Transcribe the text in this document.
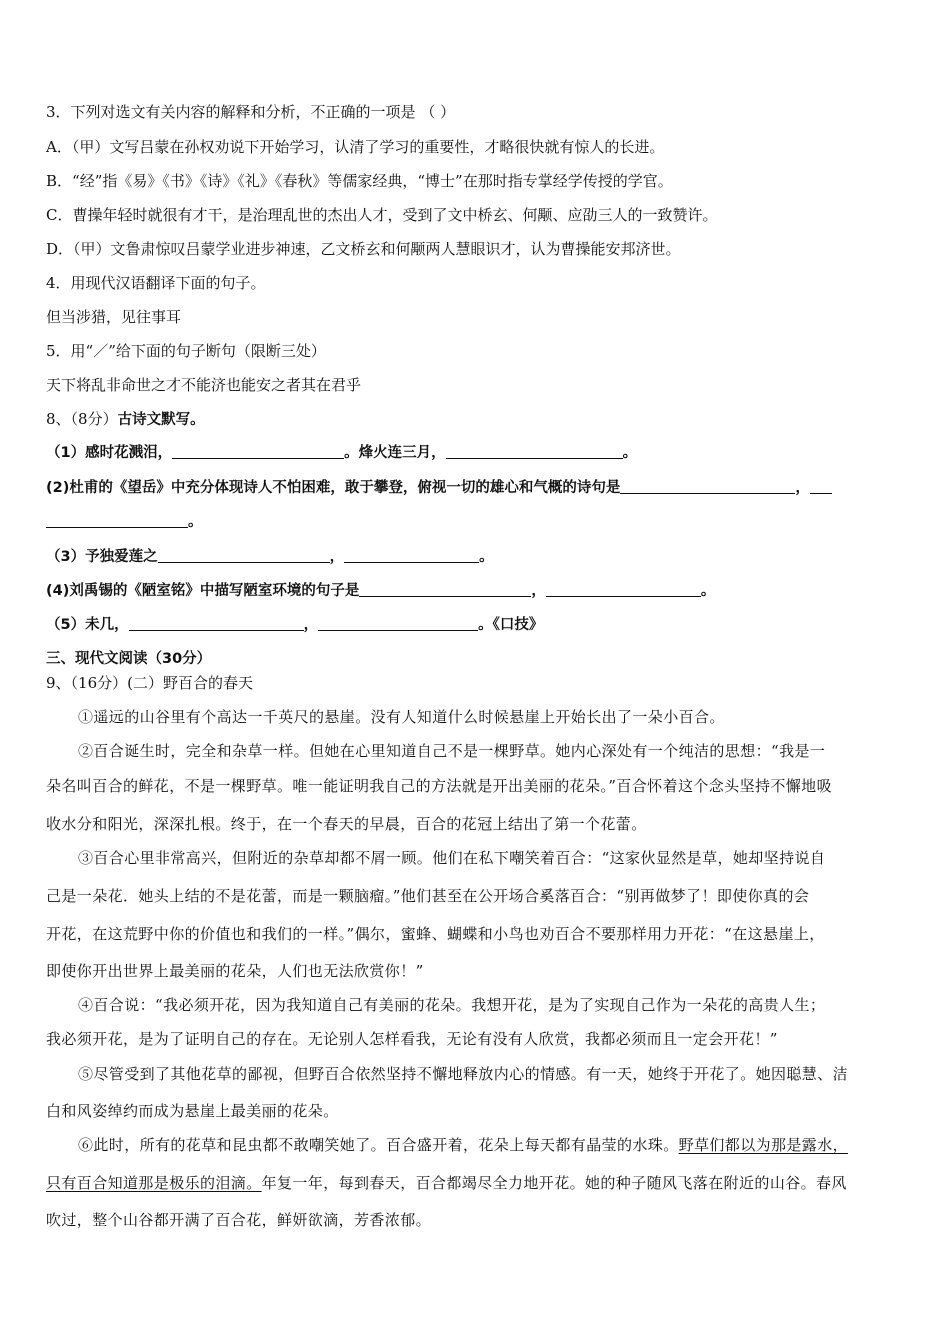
3．下列对选文有关内容的解释和分析，不正确的一项是 （ ）
A．（甲）文写吕蒙在孙权劝说下开始学习，认清了学习的重要性，才略很快就有惊人的长进。
B．“经”指《易》《书》《诗》《礼》《春秋》等儒家经典，“博士”在那时指专掌经学传授的学官。
C．曹操年轻时就很有才干，是治理乱世的杰出人才，受到了文中桥玄、何颙、应劭三人的一致赞许。
D．（甲）文鲁肃惊叹吕蒙学业进步神速，乙文桥玄和何颙两人慧眼识才，认为曹操能安邦济世。
4．用现代汉语翻译下面的句子。
但当涉猎，见往事耳
5．用“／”给下面的句子断句（限断三处）
天下将乱非命世之才不能济也能安之者其在君乎
8、（8分）古诗文默写。
（1）感时花溅泪，	。烽火连三月，	。
(2)杜甫的《望岳》中充分体现诗人不怕困难，敢于攀登，俯视一切的雄心和气概的诗句是	，
。
（3）予独爱莲之	，	。
(4)刘禹锡的《陋室铭》中描写陋室环境的句子是	，	。
（5）未几，	，	。《口技》
三、现代文阅读（30分）
9、（16分）(二）野百合的春天
①遥远的山谷里有个高达一千英尺的悬崖。没有人知道什么时候悬崖上开始长出了一朵小百合。
②百合诞生时，完全和杂草一样。但她在心里知道自己不是一棵野草。她内心深处有一个纯洁的思想：“我是一
朵名叫百合的鲜花，不是一棵野草。唯一能证明我自己的方法就是开出美丽的花朵。”百合怀着这个念头坚持不懈地吸
收水分和阳光，深深扎根。终于，在一个春天的早晨，百合的花冠上结出了第一个花蕾。
③百合心里非常高兴，但附近的杂草却都不屑一顾。他们在私下嘲笑着百合：“这家伙显然是草，她却坚持说自
己是一朵花．她头上结的不是花蕾，而是一颗脑瘤。”他们甚至在公开场合奚落百合：“别再做梦了！即使你真的会
开花，在这荒野中你的价值也和我们的一样。”偶尔，蜜蜂、蝴蝶和小鸟也劝百合不要那样用力开花：“在这悬崖上，
即使你开出世界上最美丽的花朵，人们也无法欣赏你！”
④百合说：“我必须开花，因为我知道自己有美丽的花朵。我想开花，是为了实现自己作为一朵花的高贵人生；
我必须开花，是为了证明自己的存在。无论别人怎样看我，无论有没有人欣赏，我都必须而且一定会开花！”
⑤尽管受到了其他花草的鄙视，但野百合依然坚持不懈地释放内心的情感。有一天，她终于开花了。她因聪慧、洁
白和风姿绰约而成为悬崖上最美丽的花朵。
⑥此时，所有的花草和昆虫都不敢嘲笑她了。百合盛开着，花朵上每天都有晶莹的水珠。野草们都以为那是露水，
只有百合知道那是极乐的泪滴。年复一年，每到春天，百合都竭尽全力地开花。她的种子随风飞落在附近的山谷。春风
吹过，整个山谷都开满了百合花，鲜妍欲滴，芳香浓郁。
